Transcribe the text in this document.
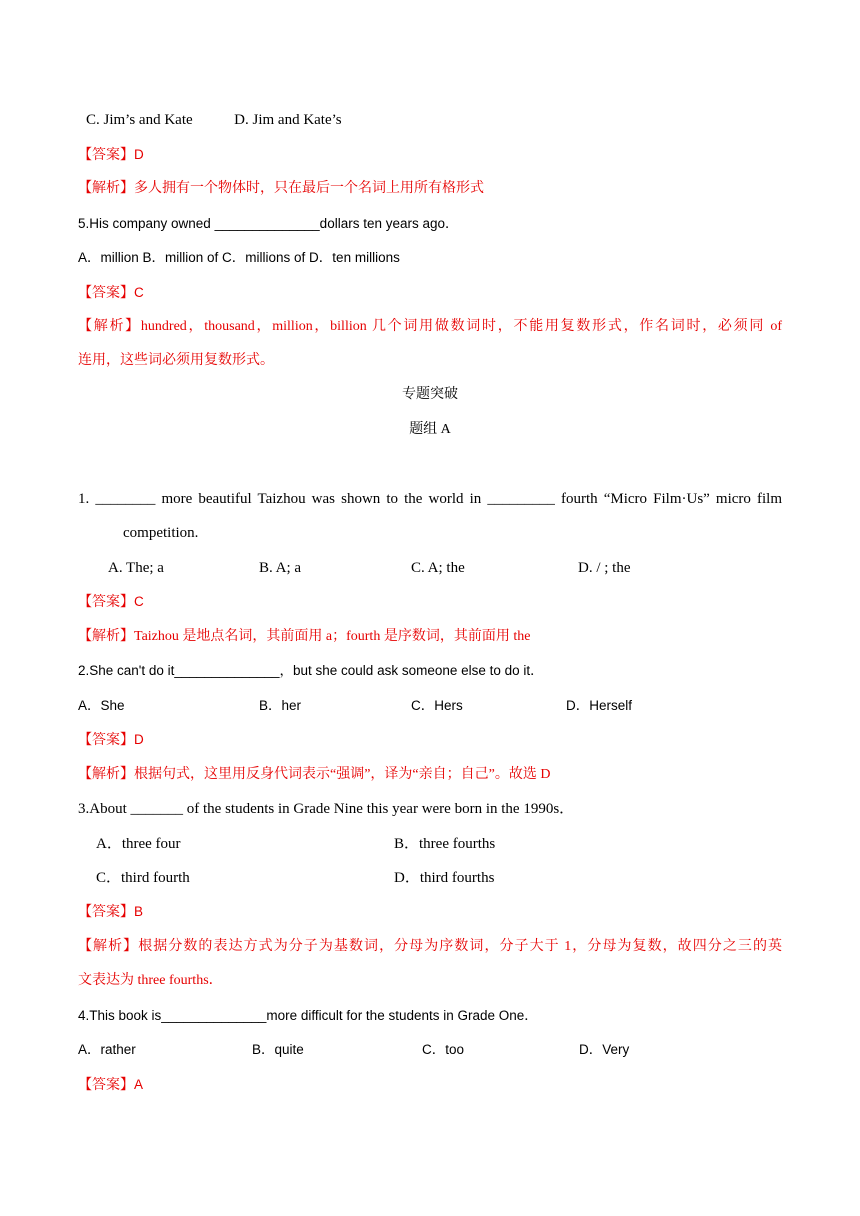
C. Jim’s and Kate	D. Jim and Kate’s
【答案】D
【解析】多人拥有一个物体时，只在最后一个名词上用所有格形式
5.His company owned ______________dollars ten years ago．
A．million B．million of C．millions of D．ten millions
【答案】C
【解析】hundred，thousand，million，billion 几个词用做数词时，不能用复数形式，作名词时，必须同 of
连用，这些词必须用复数形式。
专题突破
题组 A
1. ________ more beautiful Taizhou was shown to the world in _________ fourth “Micro Film·Us” micro film
competition.
A. The; a	B. A; a	C. A; the	D. / ; the
【答案】C
【解析】Taizhou 是地点名词，其前面用 a；fourth 是序数词，其前面用 the
2.She can't do it______________，but she could ask someone else to do it．
A．She	B．her	C．Hers	D．Herself
【答案】D
【解析】根据句式，这里用反身代词表示“强调”，译为“亲自；自己”。故选 D
3.About _______ of the students in Grade Nine this year were born in the 1990s．
A．three four	B．three fourths
C．third fourth	D．third fourths
【答案】B
【解析】根据分数的表达方式为分子为基数词，分母为序数词，分子大于 1，分母为复数，故四分之三的英
文表达为 three fourths．
4.This book is______________more difficult for the students in Grade One．
A．rather	B．quite	C．too	D．Very
【答案】A
